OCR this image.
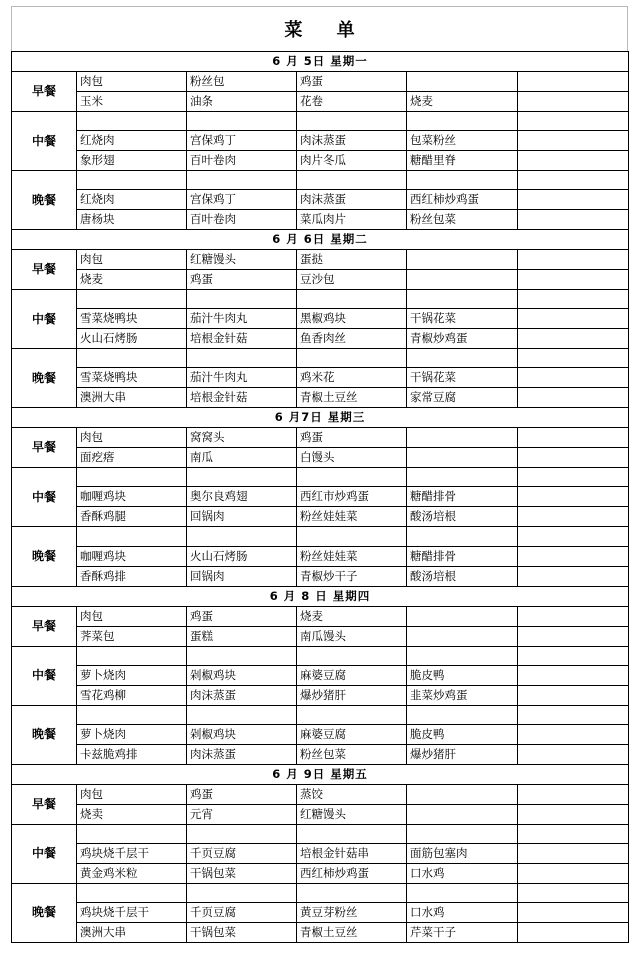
菜 单
6 月 5日 星期一					
早餐	肉包	粉丝包	鸡蛋		
	玉米	油条	花卷	烧麦	
中餐					
	红烧肉	宫保鸡丁	肉沫蒸蛋	包菜粉丝	
	象形翅	百叶卷肉	肉片冬瓜	糖醋里脊	
晚餐					
	红烧肉	宫保鸡丁	肉沫蒸蛋	西红柿炒鸡蛋	
	唐杨块	百叶卷肉	菜瓜肉片	粉丝包菜	
6 月 6日 星期二					
早餐	肉包	红糖馒头	蛋挞		
	烧麦	鸡蛋	豆沙包		
中餐					
	雪菜烧鸭块	茄汁牛肉丸	黑椒鸡块	干锅花菜	
	火山石烤肠	培根金针菇	鱼香肉丝	青椒炒鸡蛋	
晚餐					
	雪菜烧鸭块	茄汁牛肉丸	鸡米花	干锅花菜	
	澳洲大串	培根金针菇	青椒土豆丝	家常豆腐	
6 月7日 星期三					
早餐	肉包	窝窝头	鸡蛋		
	面疙瘩	南瓜	白馒头		
中餐					
	咖喱鸡块	奥尔良鸡翅	西红市炒鸡蛋	糖醋排骨	
	香酥鸡腿	回锅肉	粉丝娃娃菜	酸汤培根	
晚餐					
	咖喱鸡块	火山石烤肠	粉丝娃娃菜	糖醋排骨	
	香酥鸡排	回锅肉	青椒炒干子	酸汤培根	
6 月 8 日 星期四					
早餐	肉包	鸡蛋	烧麦		
	荠菜包	蛋糕	南瓜馒头		
中餐					
	萝卜烧肉	剁椒鸡块	麻婆豆腐	脆皮鸭	
	雪花鸡柳	肉沫蒸蛋	爆炒猪肝	韭菜炒鸡蛋	
晚餐					
	萝卜烧肉	剁椒鸡块	麻婆豆腐	脆皮鸭	
	卡兹脆鸡排	肉沫蒸蛋	粉丝包菜	爆炒猪肝	
6 月 9日 星期五					
早餐	肉包	鸡蛋	蒸饺		
	烧卖	元宵	红糖馒头		
中餐					
	鸡块烧千层干	千页豆腐	培根金针菇串	面筋包塞肉	
	黄金鸡米粒	干锅包菜	西红柿炒鸡蛋	口水鸡	
晚餐					
	鸡块烧千层干	千页豆腐	黄豆芽粉丝	口水鸡	
	澳洲大串	干锅包菜	青椒土豆丝	芹菜干子	
